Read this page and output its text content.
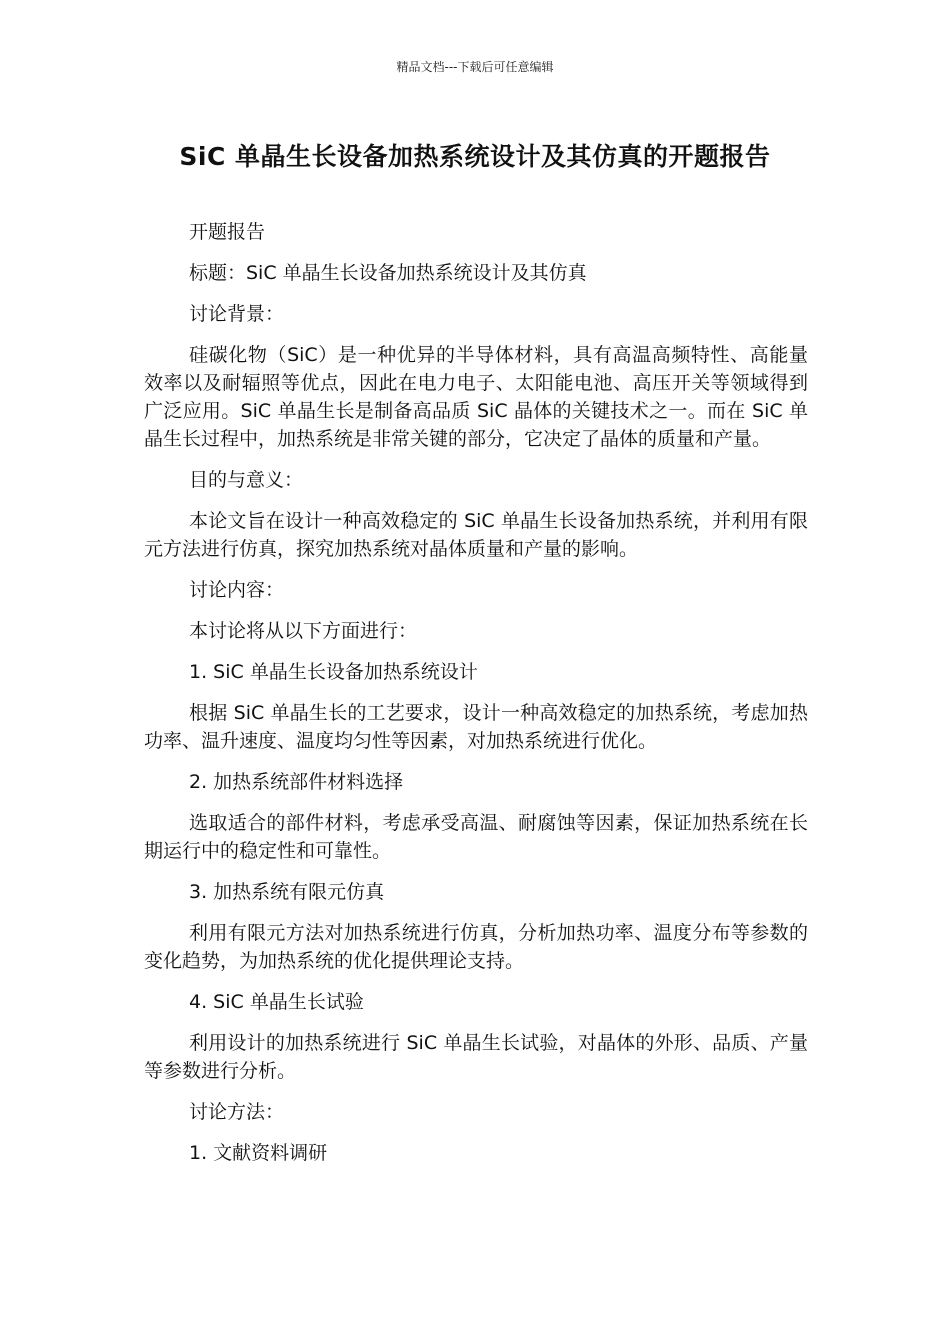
精品文档---下载后可任意编辑
SiC 单晶生长设备加热系统设计及其仿真的开题报告

开题报告

标题：SiC 单晶生长设备加热系统设计及其仿真

讨论背景：

硅碳化物（SiC）是一种优异的半导体材料，具有高温高频特性、高能量效率以及耐辐照等优点，因此在电力电子、太阳能电池、高压开关等领域得到广泛应用。SiC 单晶生长是制备高品质 SiC 晶体的关键技术之一。而在 SiC 单晶生长过程中，加热系统是非常关键的部分，它决定了晶体的质量和产量。

目的与意义：

本论文旨在设计一种高效稳定的 SiC 单晶生长设备加热系统，并利用有限元方法进行仿真，探究加热系统对晶体质量和产量的影响。

讨论内容：

本讨论将从以下方面进行：

1. SiC 单晶生长设备加热系统设计

根据 SiC 单晶生长的工艺要求，设计一种高效稳定的加热系统，考虑加热功率、温升速度、温度均匀性等因素，对加热系统进行优化。

2. 加热系统部件材料选择

选取适合的部件材料，考虑承受高温、耐腐蚀等因素，保证加热系统在长期运行中的稳定性和可靠性。

3. 加热系统有限元仿真

利用有限元方法对加热系统进行仿真，分析加热功率、温度分布等参数的变化趋势，为加热系统的优化提供理论支持。

4. SiC 单晶生长试验

利用设计的加热系统进行 SiC 单晶生长试验，对晶体的外形、品质、产量等参数进行分析。

讨论方法：

1. 文献资料调研
